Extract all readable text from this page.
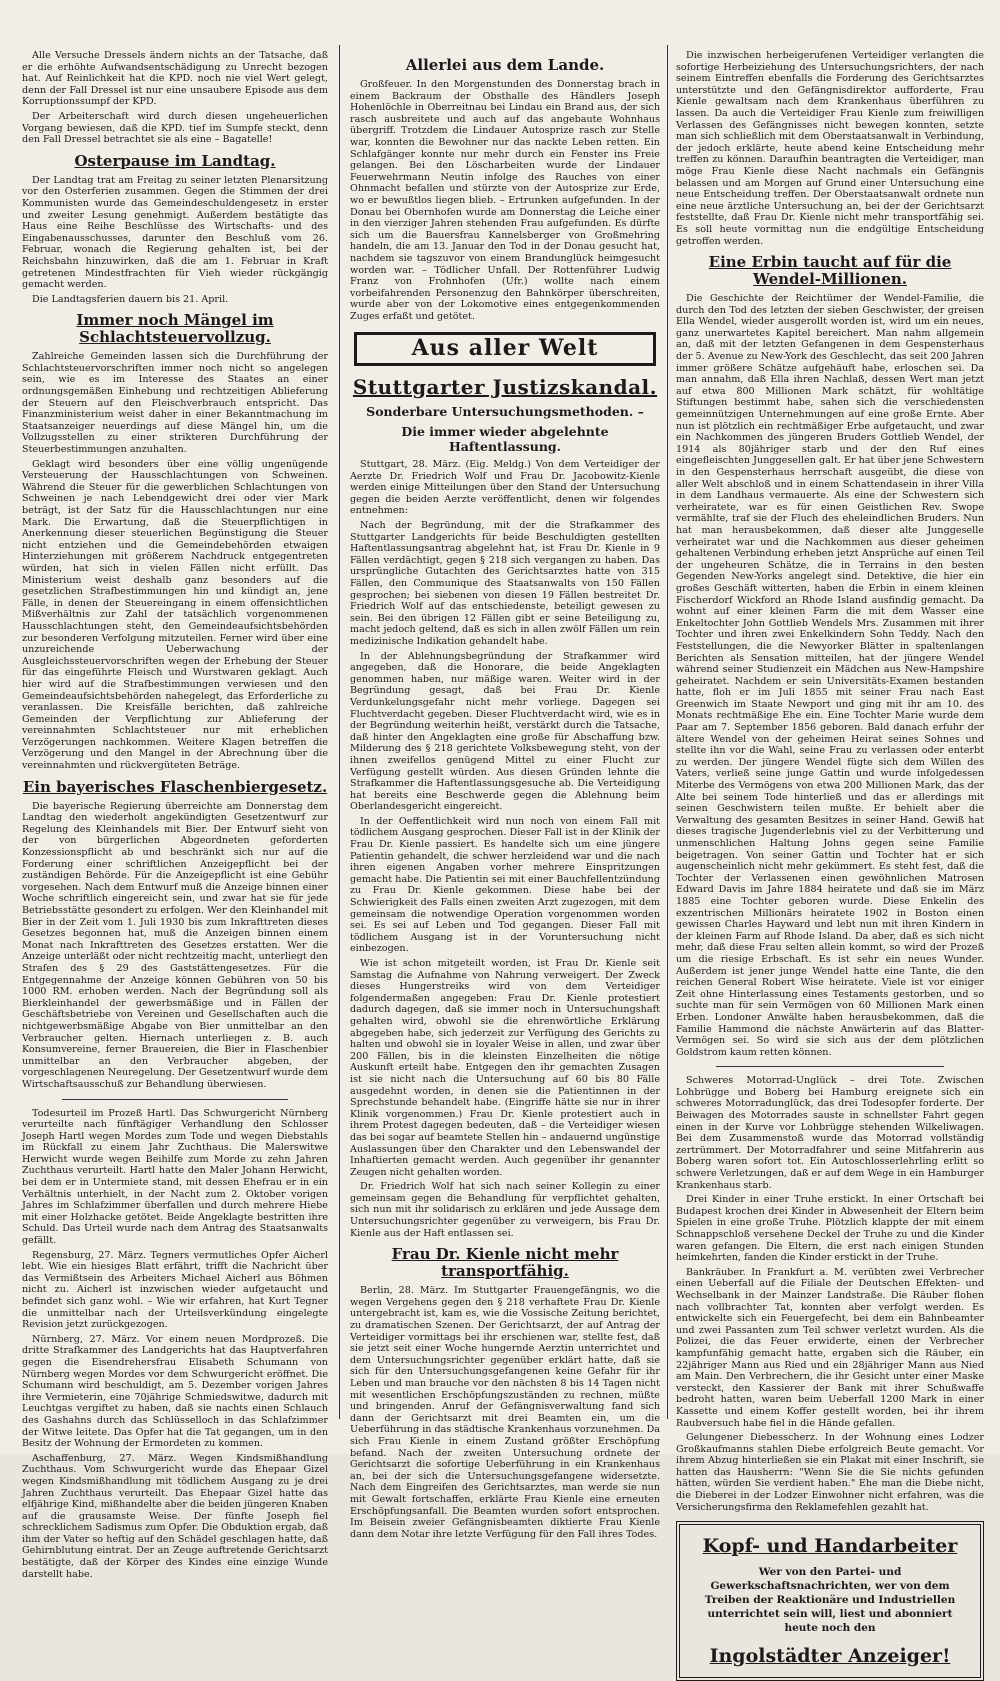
Alle Versuche Dressels ändern nichts an der Tatsache, daß er die erhöhte Aufwandsentschädigung zu Unrecht bezogen hat. Auf Reinlichkeit hat die KPD. noch nie viel Wert gelegt, denn der Fall Dressel ist nur eine unsaubere Episode aus dem Korruptionssumpf der KPD.

Der Arbeiterschaft wird durch diesen ungeheuerlichen Vorgang bewiesen, daß die KPD. tief im Sumpfe steckt, denn den Fall Dressel betrachtet sie als eine – Bagatelle!

Osterpause im Landtag.

Der Landtag trat am Freitag zu seiner letzten Plenarsitzung vor den Osterferien zusammen. Gegen die Stimmen der drei Kommunisten wurde das Gemeindeschuldengesetz in erster und zweiter Lesung genehmigt. Außerdem bestätigte das Haus eine Reihe Beschlüsse des Wirtschafts- und des Eingabenausschusses, darunter den Beschluß vom 26. Februar, wonach die Regierung gehalten ist, bei der Reichsbahn hinzuwirken, daß die am 1. Februar in Kraft getretenen Mindestfrachten für Vieh wieder rückgängig gemacht werden.

Die Landtagsferien dauern bis 21. April.

Immer noch Mängel im Schlachtsteuervollzug.

Zahlreiche Gemeinden lassen sich die Durchführung der Schlachtsteuervorschriften immer noch nicht so angelegen sein, wie es im Interesse des Staates an einer ordnungsgemäßen Einhebung und rechtzeitigen Ablieferung der Steuern auf den Fleischverbrauch entspricht. Das Finanzministerium weist daher in einer Bekanntmachung im Staatsanzeiger neuerdings auf diese Mängel hin, um die Vollzugsstellen zu einer strikteren Durchführung der Steuerbestimmungen anzuhalten.

Geklagt wird besonders über eine völlig ungenügende Versteuerung der Hausschlachtungen von Schweinen. Während die Steuer für die gewerblichen Schlachtungen von Schweinen je nach Lebendgewicht drei oder vier Mark beträgt, ist der Satz für die Hausschlachtungen nur eine Mark. Die Erwartung, daß die Steuerpflichtigen in Anerkennung dieser steuerlichen Begünstigung die Steuer nicht entziehen und die Gemeindebehörden etwaigen Hinterziehungen mit größerem Nachdruck entgegentreten würden, hat sich in vielen Fällen nicht erfüllt. Das Ministerium weist deshalb ganz besonders auf die gesetzlichen Strafbestimmungen hin und kündigt an, jene Fälle, in denen der Steuereingang in einem offensichtlichen Mißverhältnis zur Zahl der tatsächlich vorgenommenen Hausschlachtungen steht, den Gemeindeaufsichtsbehörden zur besonderen Verfolgung mitzuteilen. Ferner wird über eine unzureichende Ueberwachung der Ausgleichssteuervorschriften wegen der Erhebung der Steuer für das eingeführte Fleisch und Wurstwaren geklagt. Auch hier wird auf die Strafbestimmungen verwiesen und den Gemeindeaufsichtsbehörden nahegelegt, das Erforderliche zu veranlassen. Die Kreisfälle berichten, daß zahlreiche Gemeinden der Verpflichtung zur Ablieferung der vereinnahmten Schlachtsteuer nur mit erheblichen Verzögerungen nachkommen. Weitere Klagen betreffen die Verzögerung und den Mangel in der Abrechnung über die vereinnahmten und rückvergüteten Beträge.

Ein bayerisches Flaschenbiergesetz.

Die bayerische Regierung überreichte am Donnerstag dem Landtag den wiederholt angekündigten Gesetzentwurf zur Regelung des Kleinhandels mit Bier. Der Entwurf sieht von der von bürgerlichen Abgeordneten geforderten Konzessionspflicht ab und beschränkt sich nur auf die Forderung einer schriftlichen Anzeigepflicht bei der zuständigen Behörde. Für die Anzeigepflicht ist eine Gebühr vorgesehen. Nach dem Entwurf muß die Anzeige binnen einer Woche schriftlich eingereicht sein, und zwar hat sie für jede Betriebsstätte gesondert zu erfolgen. Wer den Kleinhandel mit Bier in der Zeit vom 1. Juli 1930 bis zum Inkrafttreten dieses Gesetzes begonnen hat, muß die Anzeigen binnen einem Monat nach Inkrafttreten des Gesetzes erstatten. Wer die Anzeige unterläßt oder nicht rechtzeitig macht, unterliegt den Strafen des § 29 des Gaststättengesetzes. Für die Entgegennahme der Anzeige können Gebühren von 50 bis 1000 RM. erhoben werden. Nach der Begründung soll als Bierkleinhandel der gewerbsmäßige und in Fällen der Geschäftsbetriebe von Vereinen und Gesellschaften auch die nichtgewerbsmäßige Abgabe von Bier unmittelbar an den Verbraucher gelten. Hiernach unterliegen z. B. auch Konsumvereine, ferner Brauereien, die Bier in Flaschenbier unmittelbar an den Verbraucher abgeben, der vorgeschlagenen Neuregelung. Der Gesetzentwurf wurde dem Wirtschaftsausschuß zur Behandlung überwiesen.

Todesurteil im Prozeß Hartl. Das Schwurgericht Nürnberg verurteilte nach fünftägiger Verhandlung den Schlosser Joseph Hartl wegen Mordes zum Tode und wegen Diebstahls im Rückfall zu einem Jahr Zuchthaus. Die Malerswitwe Herwicht wurde wegen Beihilfe zum Morde zu zehn Jahren Zuchthaus verurteilt. Hartl hatte den Maler Johann Herwicht, bei dem er in Untermiete stand, mit dessen Ehefrau er in ein Verhältnis unterhielt, in der Nacht zum 2. Oktober vorigen Jahres im Schlafzimmer überfallen und durch mehrere Hiebe mit einer Holzhacke getötet. Beide Angeklagte bestritten ihre Schuld. Das Urteil wurde nach dem Antrag des Staatsanwalts gefällt.

Regensburg, 27. März. Tegners vermutliches Opfer Aicherl lebt. Wie ein hiesiges Blatt erfährt, trifft die Nachricht über das Vermißtsein des Arbeiters Michael Aicherl aus Böhmen nicht zu. Aicherl ist inzwischen wieder aufgetaucht und befindet sich ganz wohl. – Wie wir erfahren, hat Kurt Tegner die unmittelbar nach der Urteilsverkündung eingelegte Revision jetzt zurückgezogen.

Nürnberg, 27. März. Vor einem neuen Mordprozeß. Die dritte Strafkammer des Landgerichts hat das Hauptverfahren gegen die Eisendrehersfrau Elisabeth Schumann von Nürnberg wegen Mordes vor dem Schwurgericht eröffnet. Die Schumann wird beschuldigt, am 5. Dezember vorigen Jahres ihre Vermieterin, eine 70jährige Schmiedswitwe, dadurch mit Leuchtgas vergiftet zu haben, daß sie nachts einen Schlauch des Gashahns durch das Schlüsselloch in das Schlafzimmer der Witwe leitete. Das Opfer hat die Tat gegangen, um in den Besitz der Wohnung der Ermordeten zu kommen.

Aschaffenburg, 27. März. Wegen Kindsmißhandlung Zuchthaus. Vom Schwurgericht wurde das Ehepaar Gizel wegen Kindsmißhandlung mit tödlichem Ausgang zu je drei Jahren Zuchthaus verurteilt. Das Ehepaar Gizel hatte das elfjährige Kind, mißhandelte aber die beiden jüngeren Knaben auf die grausamste Weise. Der fünfte Joseph fiel schrecklichem Sadismus zum Opfer. Die Obduktion ergab, daß ihm der Vater so heftig auf den Schädel geschlagen hatte, daß Gehirnblutung eintrat. Der an Zeuge auftretende Gerichtsarzt bestätigte, daß der Körper des Kindes eine einzige Wunde darstellt habe.

Allerlei aus dem Lande.

Großfeuer. In den Morgenstunden des Donnerstag brach in einem Backraum der Obsthalle des Händlers Joseph Hohenlöchle in Oberreitnau bei Lindau ein Brand aus, der sich rasch ausbreitete und auch auf das angebaute Wohnhaus übergriff. Trotzdem die Lindauer Autosprize rasch zur Stelle war, konnten die Bewohner nur das nackte Leben retten. Ein Schlafgänger konnte nur mehr durch ein Fenster ins Freie gelangen. Bei den Löscharbeiten wurde der Lindauer Feuerwehrmann Neutin infolge des Rauches von einer Ohnmacht befallen und stürzte von der Autosprize zur Erde, wo er bewußtlos liegen blieb. – Ertrunken aufgefunden. In der Donau bei Obernhofen wurde am Donnerstag die Leiche einer in den vierziger Jahren stehenden Frau aufgefunden. Es dürfte sich um die Bauersfrau Kannelsberger von Großmehring handeln, die am 13. Januar den Tod in der Donau gesucht hat, nachdem sie tagszuvor von einem Brandunglück heimgesucht worden war. – Tödlicher Unfall. Der Rottenführer Ludwig Franz von Frohnhofen (Ufr.) wollte nach einem vorbeifahrenden Personenzug den Bahnkörper überschreiten, wurde aber von der Lokomotive eines entgegenkommenden Zuges erfaßt und getötet.

Aus aller Welt
Stuttgarter Justizskandal.
Sonderbare Untersuchungsmethoden. –
Die immer wieder abgelehnte Haftentlassung.

Stuttgart, 28. März. (Eig. Meldg.) Von dem Verteidiger der Aerzte Dr. Friedrich Wolf und Frau Dr. Jacobowitz-Kienle werden einige Mitteilungen über den Stand der Untersuchung gegen die beiden Aerzte veröffentlicht, denen wir folgendes entnehmen:

Nach der Begründung, mit der die Strafkammer des Stuttgarter Landgerichts für beide Beschuldigten gestellten Haftentlassungsantrag abgelehnt hat, ist Frau Dr. Kienle in 9 Fällen verdächtigt, gegen § 218 sich vergangen zu haben. Das ursprüngliche Gutachten des Gerichtsarztes hatte von 315 Fällen, den Communique des Staatsanwalts von 150 Fällen gesprochen; bei siebenen von diesen 19 Fällen bestreitet Dr. Friedrich Wolf auf das entschiedenste, beteiligt gewesen zu sein. Bei den übrigen 12 Fällen gibt er seine Beteiligung zu, macht jedoch geltend, daß es sich in allen zwölf Fällen um rein medizinische Indikation gehandelt habe.

In der Ablehnungsbegründung der Strafkammer wird angegeben, daß die Honorare, die beide Angeklagten genommen haben, nur mäßige waren. Weiter wird in der Begründung gesagt, daß bei Frau Dr. Kienle Verdunkelungsgefahr nicht mehr vorliege. Dagegen sei Fluchtverdacht gegeben. Dieser Fluchtverdacht wird, wie es in der Begründung weiterhin heißt, verstärkt durch die Tatsache, daß hinter den Angeklagten eine große für Abschaffung bzw. Milderung des § 218 gerichtete Volksbewegung steht, von der ihnen zweifellos genügend Mittel zu einer Flucht zur Verfügung gestellt würden. Aus diesen Gründen lehnte die Strafkammer die Haftentlassungsgesuche ab. Die Verteidigung hat bereits eine Beschwerde gegen die Ablehnung beim Oberlandesgericht eingereicht.

In der Oeffentlichkeit wird nun noch von einem Fall mit tödlichem Ausgang gesprochen. Dieser Fall ist in der Klinik der Frau Dr. Kienle passiert. Es handelte sich um eine jüngere Patientin gehandelt, die schwer herzleidend war und die nach ihren eigenen Angaben vorher mehrere Einspritzungen gemacht habe. Die Patientin sei mit einer Bauchfellentzündung zu Frau Dr. Kienle gekommen. Diese habe bei der Schwierigkeit des Falls einen zweiten Arzt zugezogen, mit dem gemeinsam die notwendige Operation vorgenommen worden sei. Es sei auf Leben und Tod gegangen. Dieser Fall mit tödlichem Ausgang ist in der Voruntersuchung nicht einbezogen.

Wie ist schon mitgeteilt worden, ist Frau Dr. Kienle seit Samstag die Aufnahme von Nahrung verweigert. Der Zweck dieses Hungerstreiks wird von dem Verteidiger folgendermaßen angegeben: Frau Dr. Kienle protestiert dadurch dagegen, daß sie immer noch in Untersuchungshaft gehalten wird, obwohl sie die ehrenwörtliche Erklärung abgegeben habe, sich jederzeit zur Verfügung des Gerichts zu halten und obwohl sie in loyaler Weise in allen, und zwar über 200 Fällen, bis in die kleinsten Einzelheiten die nötige Auskunft erteilt habe. Entgegen den ihr gemachten Zusagen ist sie nicht nach die Untersuchung auf 60 bis 80 Fälle ausgedehnt worden, in denen sie die Patientinnen in der Sprechstunde behandelt habe. (Eingriffe hätte sie nur in ihrer Klinik vorgenommen.) Frau Dr. Kienle protestiert auch in ihrem Protest dagegen bedeuten, daß – die Verteidiger wiesen das bei sogar auf beamtete Stellen hin – andauernd ungünstige Auslassungen über den Charakter und den Lebenswandel der Inhaftierten gemacht werden. Auch gegenüber ihr genannter Zeugen nicht gehalten worden.

Dr. Friedrich Wolf hat sich nach seiner Kollegin zu einer gemeinsam gegen die Behandlung für verpflichtet gehalten, sich nun mit ihr solidarisch zu erklären und jede Aussage dem Untersuchungsrichter gegenüber zu verweigern, bis Frau Dr. Kienle aus der Haft entlassen sei.

Frau Dr. Kienle nicht mehr transportfähig.

Berlin, 28. März. Im Stuttgarter Frauengefängnis, wo die wegen Vergehens gegen den § 218 verhaftete Frau Dr. Kienle untergebracht ist, kam es, wie die Vossische Zeitung berichtet, zu dramatischen Szenen. Der Gerichtsarzt, der auf Antrag der Verteidiger vormittags bei ihr erschienen war, stellte fest, daß sie jetzt seit einer Woche hungernde Aerztin unterrichtet und dem Untersuchungsrichter gegenüber erklärt hatte, daß sie sich für den Untersuchungsgefangenen keine Gefahr für ihr Leben und man brauche vor den nächsten 8 bis 14 Tagen nicht mit wesentlichen Erschöpfungszuständen zu rechnen, müßte und bringenden. Anruf der Gefängnisverwaltung fand sich dann der Gerichtsarzt mit drei Beamten ein, um die Ueberführung in das städtische Krankenhaus vorzunehmen. Da sich Frau Kienle in einem Zustand größter Erschöpfung befand. Nach der zweiten Untersuchung ordnete der Gerichtsarzt die sofortige Ueberführung in ein Krankenhaus an, bei der sich die Untersuchungsgefangene widersetzte. Nach dem Eingreifen des Gerichtsarztes, man werde sie nun mit Gewalt fortschaffen, erklärte Frau Kienle eine erneuten Erschöpfungsanfall. Die Beamten wurden sofort entsprochen. Im Beisein zweier Gefängnisbeamten diktierte Frau Kienle dann dem Notar ihre letzte Verfügung für den Fall ihres Todes.

Die inzwischen herbeigerufenen Verteidiger verlangten die sofortige Herbeiziehung des Untersuchungsrichters, der nach seinem Eintreffen ebenfalls die Forderung des Gerichtsarztes unterstützte und den Gefängnisdirektor aufforderte, Frau Kienle gewaltsam nach dem Krankenhaus überführen zu lassen. Da auch die Verteidiger Frau Kienle zum freiwilligen Verlassen des Gefängnisses nicht bewegen konnten, setzte man sich schließlich mit dem Oberstaatsanwalt in Verbindung, der jedoch erklärte, heute abend keine Entscheidung mehr treffen zu können. Daraufhin beantragten die Verteidiger, man möge Frau Kienle diese Nacht nachmals ein Gefängnis belassen und am Morgen auf Grund einer Untersuchung eine neue Entscheidung treffen. Der Oberstaatsanwalt ordnete nun eine neue ärztliche Untersuchung an, bei der der Gerichtsarzt feststellte, daß Frau Dr. Kienle nicht mehr transportfähig sei. Es soll heute vormittag nun die endgültige Entscheidung getroffen werden.

Eine Erbin taucht auf für die Wendel-Millionen.

Die Geschichte der Reichtümer der Wendel-Familie, die durch den Tod des letzten der sieben Geschwister, der greisen Ella Wendel, wieder ausgerollt worden ist, wird um ein neues, ganz unerwartetes Kapitel bereichert. Man nahm allgemein an, daß mit der letzten Gefangenen in dem Gespensterhaus der 5. Avenue zu New-York des Geschlecht, das seit 200 Jahren immer größere Schätze aufgehäuft habe, erloschen sei. Da man annahm, daß Ella ihren Nachlaß, dessen Wert man jetzt auf etwa 800 Millionen Mark schätzt, für wohltätige Stiftungen bestimmt habe, sahen sich die verschiedensten gemeinnützigen Unternehmungen auf eine große Ernte. Aber nun ist plötzlich ein rechtmäßiger Erbe aufgetaucht, und zwar ein Nachkommen des jüngeren Bruders Gottlieb Wendel, der 1914 als 80jähriger starb und der den Ruf eines eingefleischten Junggesellen galt. Er hat über jene Schwestern in den Gespensterhaus herrschaft ausgeübt, die diese von aller Welt abschloß und in einem Schattendasein in ihrer Villa in dem Landhaus vermauerte. Als eine der Schwestern sich verheiratete, war es für einen Geistlichen Rev. Swope vermählte, traf sie der Fluch des eheleindlichen Bruders. Nun hat man herausbekommen, daß dieser alte Junggeselle verheiratet war und die Nachkommen aus dieser geheimen gehaltenen Verbindung erheben jetzt Ansprüche auf einen Teil der ungeheuren Schätze, die in Terrains in den besten Gegenden New-Yorks angelegt sind. Detektive, die hier ein großes Geschäft witterten, haben die Erbin in einem kleinen Fischerdorf Wickford an Rhode Island ausfindig gemacht. Da wohnt auf einer kleinen Farm die mit dem Wasser eine Enkeltochter John Gottlieb Wendels Mrs. Zusammen mit ihrer Tochter und ihren zwei Enkelkindern Sohn Teddy. Nach den Feststellungen, die die Newyorker Blätter in spaltenlangen Berichten als Sensation mitteilen, hat der jüngere Wendel während seiner Studienzeit ein Mädchen aus New-Hampshire geheiratet. Nachdem er sein Universitäts-Examen bestanden hatte, floh er im Juli 1855 mit seiner Frau nach East Greenwich im Staate Newport und ging mit ihr am 10. des Monats rechtmäßige Ehe ein. Eine Tochter Marie wurde dem Paar am 7. September 1856 geboren. Bald danach erfuhr der ältere Wendel von der geheimen Heirat seines Sohnes und stellte ihn vor die Wahl, seine Frau zu verlassen oder enterbt zu werden. Der jüngere Wendel fügte sich dem Willen des Vaters, verließ seine junge Gattin und wurde infolgedessen Miterbe des Vermögens von etwa 200 Millionen Mark, das der Alte bei seinem Tode hinterließ und das er allerdings mit seinen Geschwistern teilen mußte. Er behielt aber die Verwaltung des gesamten Besitzes in seiner Hand. Gewiß hat dieses tragische Jugenderlebnis viel zu der Verbitterung und unmenschlichen Haltung Johns gegen seine Familie beigetragen. Von seiner Gattin und Tochter hat er sich augenscheinlich nicht mehr gekümmert. Es steht fest, daß die Tochter der Verlassenen einen gewöhnlichen Matrosen Edward Davis im Jahre 1884 heiratete und daß sie im März 1885 eine Tochter geboren wurde. Diese Enkelin des exzentrischen Millionärs heiratete 1902 in Boston einen gewissen Charles Hayward und lebt nun mit ihren Kindern in der kleinen Farm auf Rhode Island. Da aber, daß es sich nicht mehr, daß diese Frau selten allein kommt, so wird der Prozeß um die riesige Erbschaft. Es ist sehr ein neues Wunder. Außerdem ist jener junge Wendel hatte eine Tante, die den reichen General Robert Wise heiratete. Viele ist vor einiger Zeit ohne Hinterlassung eines Testaments gestorben, und so suchte man für sein Vermögen von 60 Millionen Mark einen Erben. Londoner Anwälte haben herausbekommen, daß die Familie Hammond die nächste Anwärterin auf das Blatter-Vermögen sei. So wird sie sich aus der dem plötzlichen Goldstrom kaum retten können.

Schweres Motorrad-Unglück – drei Tote. Zwischen Lohbrügge und Boberg bei Hamburg ereignete sich ein schweres Motorradunglück, das drei Todesopfer forderte. Der Beiwagen des Motorrades sauste in schnellster Fahrt gegen einen in der Kurve vor Lohbrügge stehenden Wilkeliwagen. Bei dem Zusammenstoß wurde das Motorrad vollständig zertrümmert. Der Motorradfahrer und seine Mitfahrerin aus Boberg waren sofort tot. Ein Autoschlosserlehrling erlitt so schwere Verletzungen, daß er auf dem Wege in ein Hamburger Krankenhaus starb.

Drei Kinder in einer Truhe erstickt. In einer Ortschaft bei Budapest krochen drei Kinder in Abwesenheit der Eltern beim Spielen in eine große Truhe. Plötzlich klappte der mit einem Schnappschloß versehene Deckel der Truhe zu und die Kinder waren gefangen. Die Eltern, die erst nach einigen Stunden heimkehrten, fanden die Kinder erstickt in der Truhe.

Bankräuber. In Frankfurt a. M. verübten zwei Verbrecher einen Ueberfall auf die Filiale der Deutschen Effekten- und Wechselbank in der Mainzer Landstraße. Die Räuber flohen nach vollbrachter Tat, konnten aber verfolgt werden. Es entwickelte sich ein Feuergefecht, bei dem ein Bahnbeamter und zwei Passanten zum Teil schwer verletzt wurden. Als die Polizei, die das Feuer erwiderte, einen der Verbrecher kampfunfähig gemacht hatte, ergaben sich die Räuber, ein 22jähriger Mann aus Ried und ein 28jähriger Mann aus Nied am Main. Den Verbrechern, die ihr Gesicht unter einer Maske versteckt, den Kassierer der Bank mit ihrer Schußwaffe bedroht hatten, waren beim Ueberfall 1200 Mark in einer Kassette und einem Koffer gestellt worden, bei ihr ihrem Raubversuch habe fiel in die Hände gefallen.

Gelungener Diebesscherz. In der Wohnung eines Lodzer Großkaufmanns stahlen Diebe erfolgreich Beute gemacht. Vor ihrem Abzug hinterließen sie ein Plakat mit einer Inschrift, sie hatten das Hausherrn: "Wenn Sie die Sie nichts gefunden hätten, würden Sie verdient haben." Ehe man die Diebe nicht, die Dieberei in der Lodzer Einwohner nicht erfahren, was die Versicherungsfirma den Reklamefehlen gezahlt hat.

Kopf- und Handarbeiter
Wer von den Partei- und Gewerkschaftsnachrichten, wer von dem Treiben der Reaktionäre und Industriellen unterrichtet sein will, liest und abonniert heute noch den
Ingolstädter Anzeiger!
